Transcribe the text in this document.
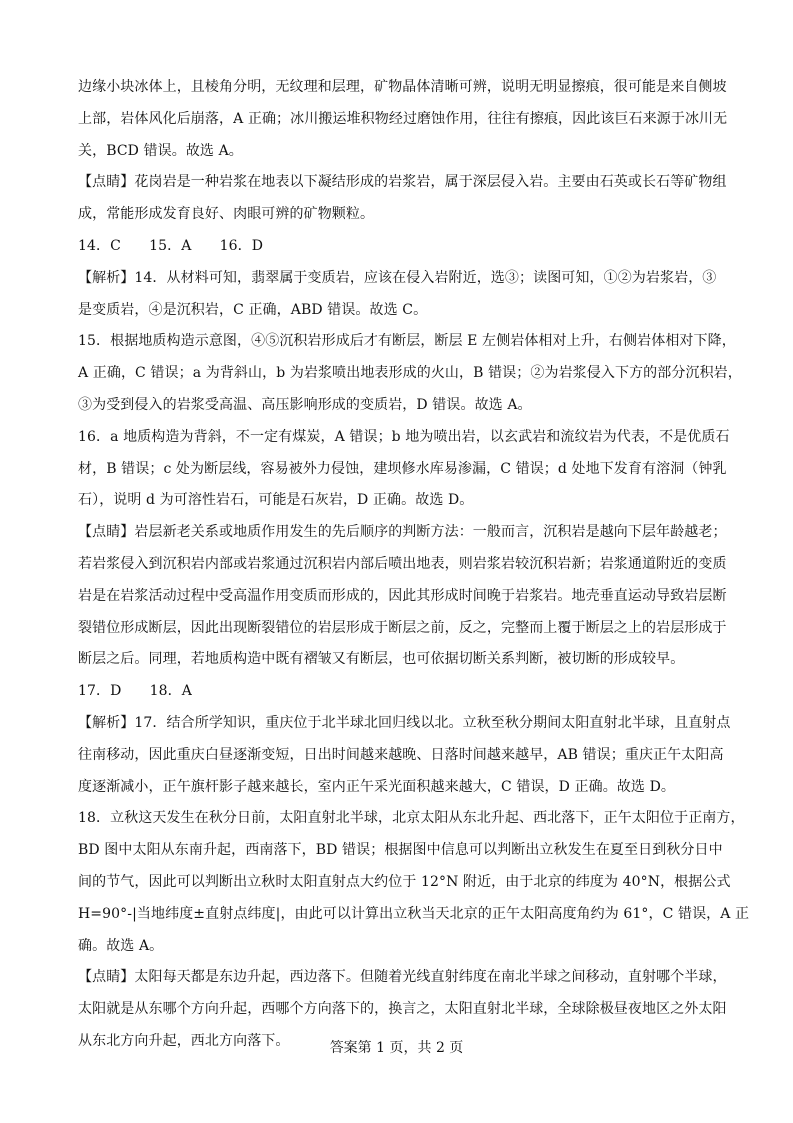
边缘小块冰体上，且棱角分明，无纹理和层理，矿物晶体清晰可辨，说明无明显擦痕，很可能是来自侧坡
上部，岩体风化后崩落，A 正确；冰川搬运堆积物经过磨蚀作用，往往有擦痕，因此该巨石来源于冰川无
关，BCD 错误。故选 A。
【点睛】花岗岩是一种岩浆在地表以下凝结形成的岩浆岩，属于深层侵入岩。主要由石英或长石等矿物组
成，常能形成发育良好、肉眼可辨的矿物颗粒。
14．C　　15．A　　16．D
【解析】14．从材料可知，翡翠属于变质岩，应该在侵入岩附近，选③；读图可知，①②为岩浆岩，③
是变质岩，④是沉积岩，C 正确，ABD 错误。故选 C。
15．根据地质构造示意图，④⑤沉积岩形成后才有断层，断层 E 左侧岩体相对上升，右侧岩体相对下降，
A 正确，C 错误；a 为背斜山，b 为岩浆喷出地表形成的火山，B 错误；②为岩浆侵入下方的部分沉积岩，
③为受到侵入的岩浆受高温、高压影响形成的变质岩，D 错误。故选 A。
16．a 地质构造为背斜，不一定有煤炭，A 错误；b 地为喷出岩，以玄武岩和流纹岩为代表，不是优质石
材，B 错误；c 处为断层线，容易被外力侵蚀，建坝修水库易渗漏，C 错误；d 处地下发育有溶洞（钟乳
石），说明 d 为可溶性岩石，可能是石灰岩，D 正确。故选 D。
【点睛】岩层新老关系或地质作用发生的先后顺序的判断方法：一般而言，沉积岩是越向下层年龄越老；
若岩浆侵入到沉积岩内部或岩浆通过沉积岩内部后喷出地表，则岩浆岩较沉积岩新；岩浆通道附近的变质
岩是在岩浆活动过程中受高温作用变质而形成的，因此其形成时间晚于岩浆岩。地壳垂直运动导致岩层断
裂错位形成断层，因此出现断裂错位的岩层形成于断层之前，反之，完整而上覆于断层之上的岩层形成于
断层之后。同理，若地质构造中既有褶皱又有断层，也可依据切断关系判断，被切断的形成较早。
17．D　　18．A
【解析】17．结合所学知识，重庆位于北半球北回归线以北。立秋至秋分期间太阳直射北半球，且直射点
往南移动，因此重庆白昼逐渐变短，日出时间越来越晚、日落时间越来越早，AB 错误；重庆正午太阳高
度逐渐减小，正午旗杆影子越来越长，室内正午采光面积越来越大，C 错误，D 正确。故选 D。
18．立秋这天发生在秋分日前，太阳直射北半球，北京太阳从东北升起、西北落下，正午太阳位于正南方，
BD 图中太阳从东南升起，西南落下，BD 错误；根据图中信息可以判断出立秋发生在夏至日到秋分日中
间的节气，因此可以判断出立秋时太阳直射点大约位于 12°N 附近，由于北京的纬度为 40°N，根据公式
H=90°-|当地纬度±直射点纬度|，由此可以计算出立秋当天北京的正午太阳高度角约为 61°，C 错误，A 正
确。故选 A。
【点睛】太阳每天都是东边升起，西边落下。但随着光线直射纬度在南北半球之间移动，直射哪个半球，
太阳就是从东哪个方向升起，西哪个方向落下的，换言之，太阳直射北半球，全球除极昼夜地区之外太阳
从东北方向升起，西北方向落下。	答案第 1 页，共 2 页
